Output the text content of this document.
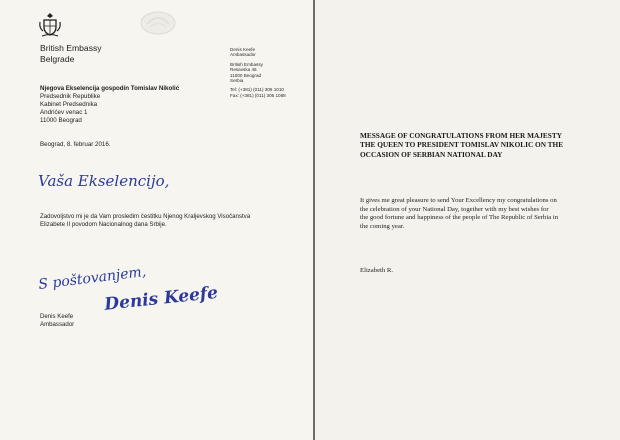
British Embassy
Belgrade
Denis Keefe
Ambassador
British Embassy
Resavska 46
11000 Beograd
Serbia
Tel: (+381) (011) 306 1010
Fax: (+381) (011) 306 1088
Njegova Ekselencija gospodin Tomislav Nikolić
Predsednik Republike
Kabinet Predsednika
Andrićev venac 1
11000 Beograd
Beograd, 8. februar 2016.
Vaša Ekselencijo,
Zadovoljstvo mi je da Vam prosledim čestitku Njenog Kraljevskog Visočanstva
Elizabete II povodom Nacionalnog dana Srbije.
S poštovanjem,
Denis Keefe
Denis Keefe
Ambassador
MESSAGE OF CONGRATULATIONS FROM HER MAJESTY
THE QUEEN TO PRESIDENT TOMISLAV NIKOLIC ON THE
OCCASION OF SERBIAN NATIONAL DAY
It gives me great pleasure to send Your Excellency my congratulations on
the celebration of your National Day, together with my best wishes for
the good fortune and happiness of the people of The Republic of Serbia in
the coming year.
Elizabeth R.
